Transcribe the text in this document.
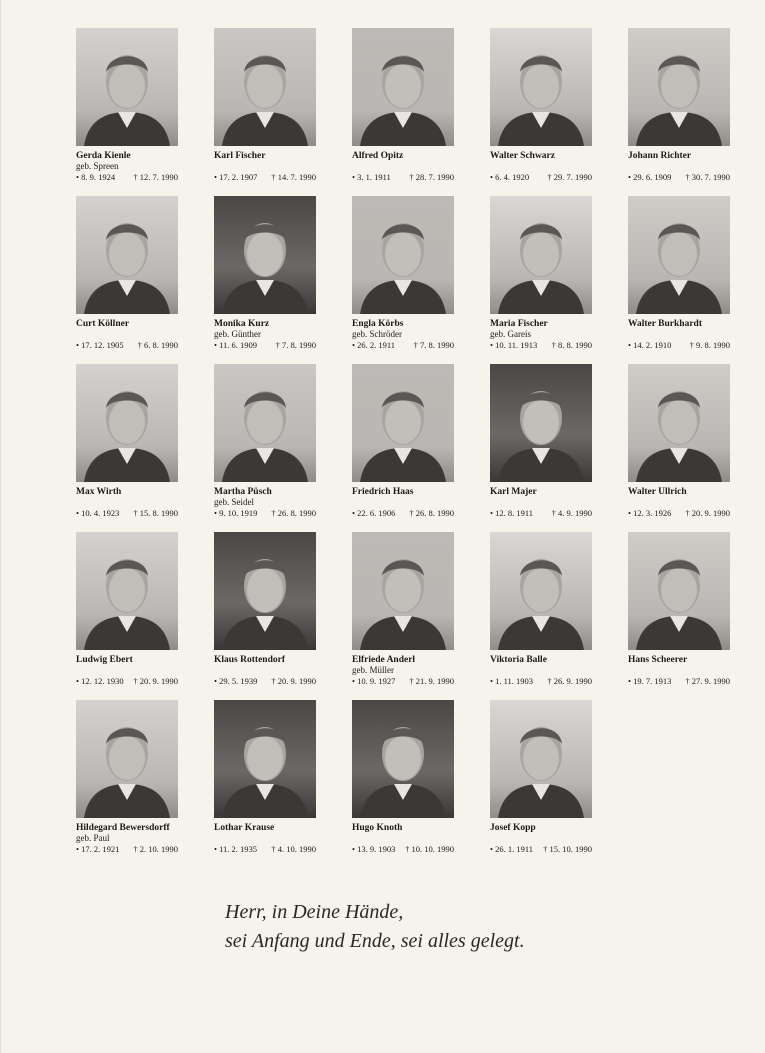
Gerda Kienle
geb. Spreen
• 8. 9. 1924 † 12. 7. 1990
Karl Fischer
• 17. 2. 1907 † 14. 7. 1990
Alfred Opitz
• 3. 1. 1911 † 28. 7. 1990
Walter Schwarz
• 6. 4. 1920 † 29. 7. 1990
Johann Richter
• 29. 6. 1909 † 30. 7. 1990
Curt Köllner
• 17. 12. 1905 † 6. 8. 1990
Monika Kurz
geb. Günther
• 11. 6. 1909 † 7. 8. 1990
Engla Körbs
geb. Schröder
• 26. 2. 1911 † 7. 8. 1990
Maria Fischer
geb. Gareis
• 10. 11. 1913 † 8. 8. 1990
Walter Burkhardt
• 14. 2. 1910 † 9. 8. 1990
Max Wirth
• 10. 4. 1923 † 15. 8. 1990
Martha Püsch
geb. Seidel
• 9. 10. 1919 † 26. 8. 1990
Friedrich Haas
• 22. 6. 1906 † 26. 8. 1990
Karl Majer
• 12. 8. 1911 † 4. 9. 1990
Walter Ullrich
• 12. 3. 1926 † 20. 9. 1990
Ludwig Ebert
• 12. 12. 1930 † 20. 9. 1990
Klaus Rottendorf
• 29. 5. 1939 † 20. 9. 1990
Elfriede Anderl
geb. Müller
• 10. 9. 1927 † 21. 9. 1990
Viktoria Balle
• 1. 11. 1903 † 26. 9. 1990
Hans Scheerer
• 19. 7. 1913 † 27. 9. 1990
Hildegard Bewersdorff
geb. Paul
• 17. 2. 1921 † 2. 10. 1990
Lothar Krause
• 11. 2. 1935 † 4. 10. 1990
Hugo Knoth
• 13. 9. 1903 † 10. 10. 1990
Josef Kopp
• 26. 1. 1911 † 15. 10. 1990
Herr, in Deine Hände,
sei Anfang und Ende, sei alles gelegt.
